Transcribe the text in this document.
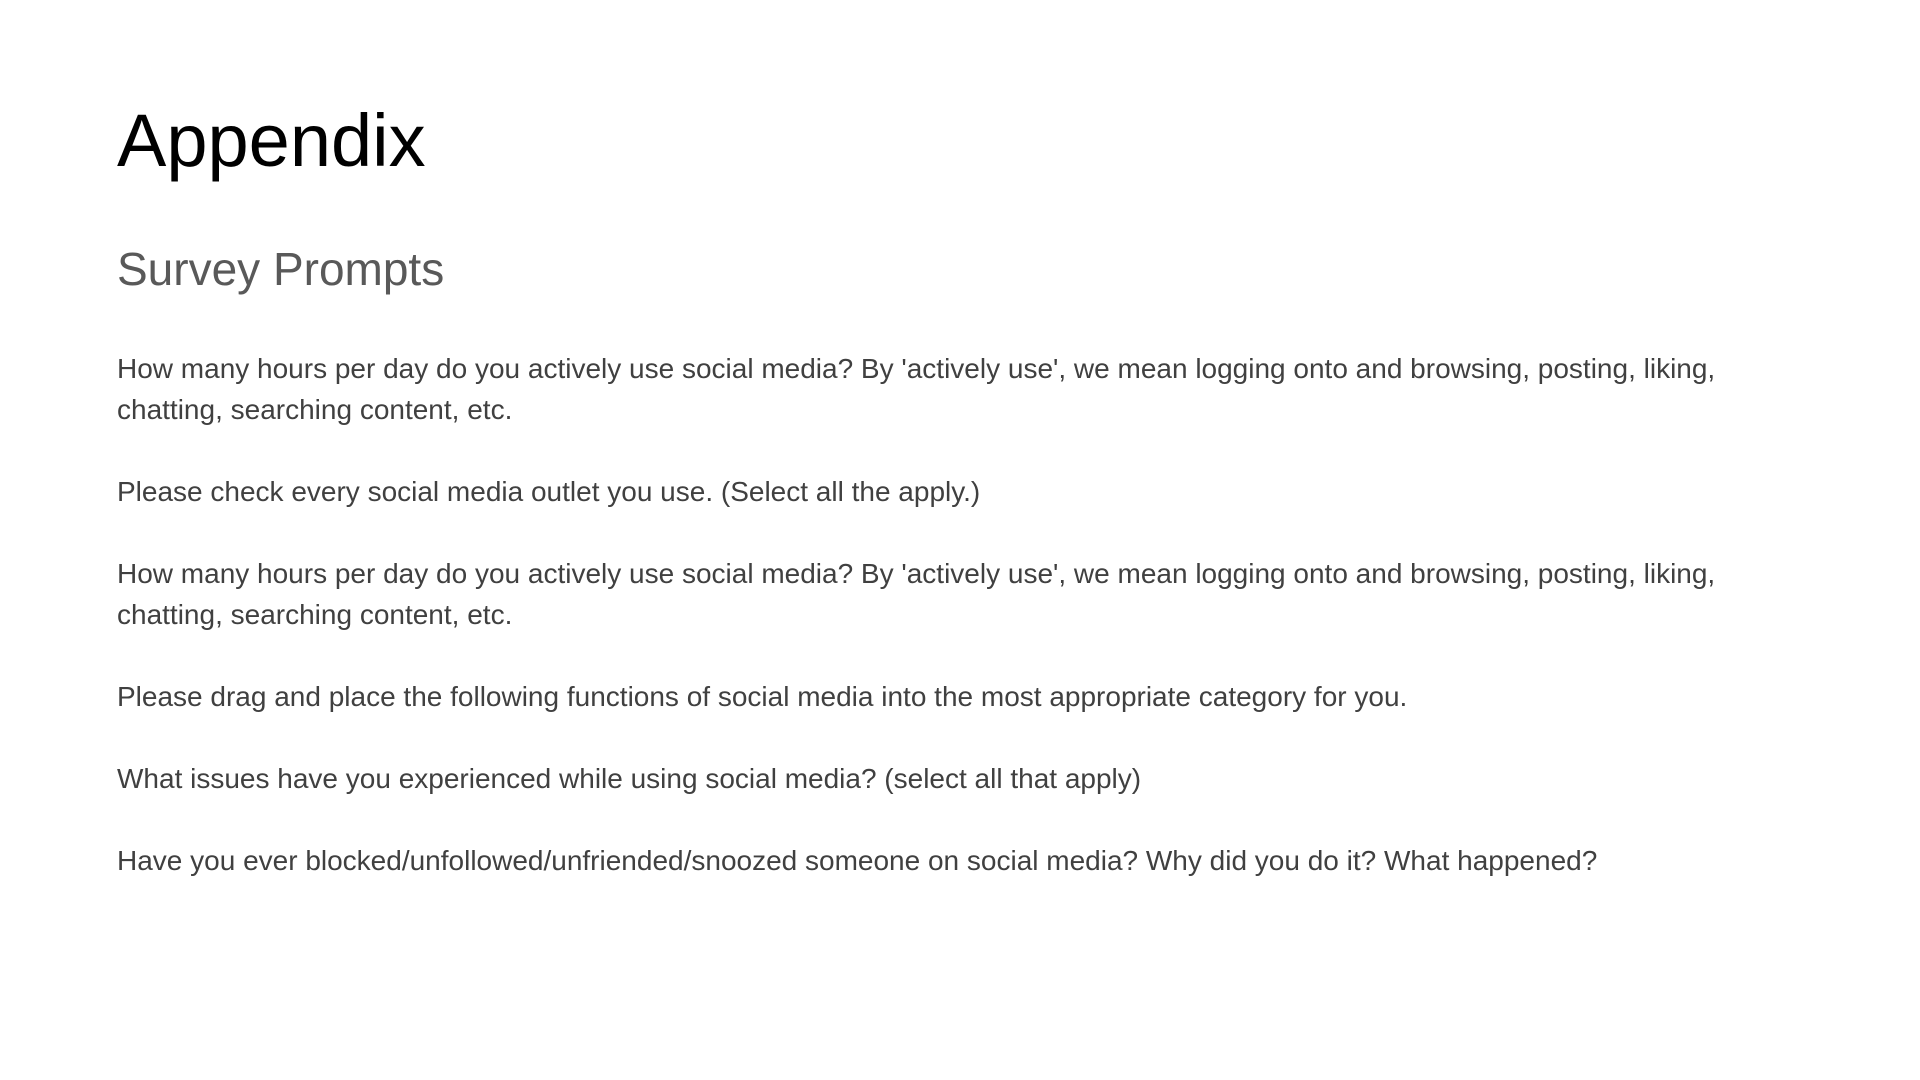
Appendix
Survey Prompts
How many hours per day do you actively use social media? By 'actively use', we mean logging onto and browsing, posting, liking, chatting, searching content, etc.
Please check every social media outlet you use. (Select all the apply.)
How many hours per day do you actively use social media? By 'actively use', we mean logging onto and browsing, posting, liking, chatting, searching content, etc.
Please drag and place the following functions of social media into the most appropriate category for you.
What issues have you experienced while using social media? (select all that apply)
Have you ever blocked/unfollowed/unfriended/snoozed someone on social media? Why did you do it? What happened?
